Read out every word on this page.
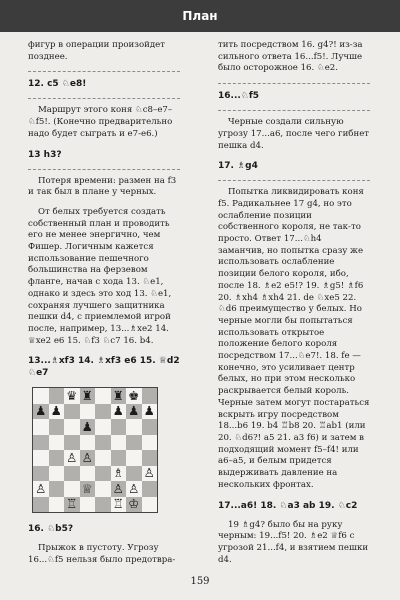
План

фигур в операции произойдет позднее.

12. c5 ♘e8!

Маршрут этого коня ♘c8–e7–♘f5!. (Конечно предварительно надо будет сыграть и e7-e6.)

13 h3?

Потеря времени: размен на f3 и так был в плане у черных.

От белых требуется создать собственный план и проводить его не менее энергично, чем Фишер. Логичным кажется использование пешечного большинства на ферзевом фланге, начав с хода 13. ♘e1, однако и здесь это ход 13. ♘e1, сохраняя лучшего защитника пешки d4, с приемлемой игрой после, например, 13...♗xe2 14. ♕xe2 e6 15. ♘f3 ♘c7 16. b4.

13...♗xf3 14. ♗xf3 e6 15. ♕d2 ♘e7
♛ ♜ ♜ ♚
♟ ♟	♟ ♟ ♟
♟
♙ ♙
♗ ♙
♙	♕ ♙ ♙
♖	♖ ♔
16. ♘b5?

Прыжок в пустоту. Угрозу 16...♘f5 нельзя было предотвра-

тить посредством 16. g4?! из-за сильного ответа 16...f5!. Лучше было осторожное 16. ♘e2.

16...♘f5

Черные создали сильную угрозу 17...a6, после чего гибнет пешка d4.

17. ♗g4

Попытка ликвидировать коня f5. Радикальнее 17 g4, но это ослабление позиции собственного короля, не так-то просто. Ответ 17...♘h4 заманчив, но попытка сразу же использовать ослабление позиции белого короля, ибо, после 18. ♗e2 e5!? 19. ♗g5! ♗f6 20. ♗xh4 ♗xh4 21. de ♘xe5 22. ♘d6 преимущество у белых. Но черные могли бы попытаться использовать открытое положение белого короля посредством 17...♘e7!. 18. fe — конечно, это усиливает центр белых, но при этом несколько раскрывается белый король. Черные затем могут постараться вскрыть игру посредством 18...b6 19. b4 ♖b8 20. ♖ab1 (или 20. ♘d6?! a5 21. a3 f6) и затем в подходящий момент f5–f4! или a6–a5, и белым придется выдерживать давление на нескольких фронтах.

17...a6! 18. ♘a3 ab 19. ♘c2

19 ♗g4? было бы на руку черным: 19...f5! 20. ♗e2 ♕f6 с угрозой 21...f4, и взятием пешки d4.

159
